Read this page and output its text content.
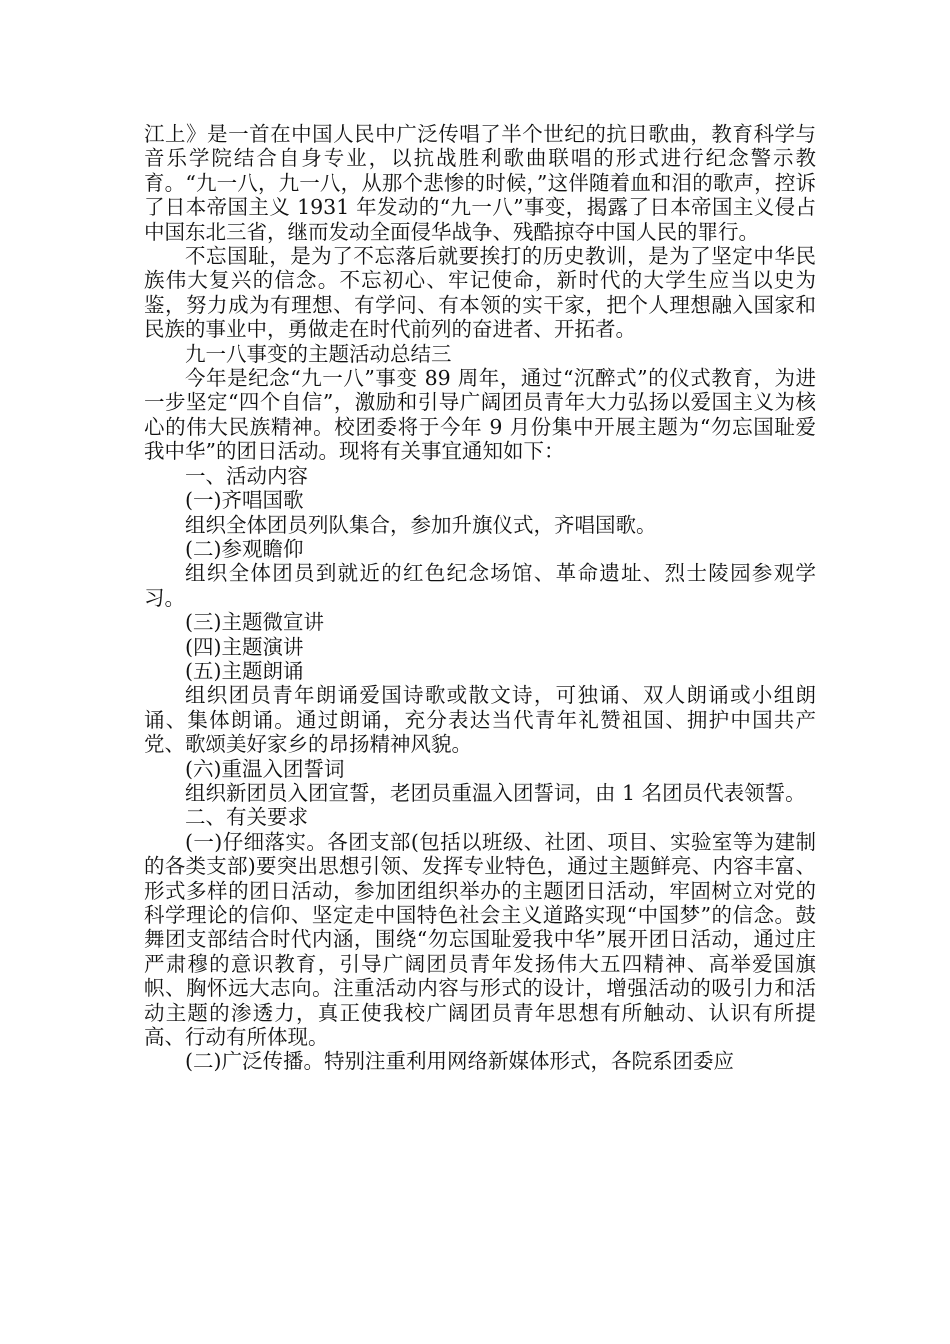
江上》是一首在中国人民中广泛传唱了半个世纪的抗日歌曲，教育科学与音乐学院结合自身专业，以抗战胜利歌曲联唱的形式进行纪念警示教育。“九一八，九一八，从那个悲惨的时候，”这伴随着血和泪的歌声，控诉了日本帝国主义 1931 年发动的“九一八”事变，揭露了日本帝国主义侵占中国东北三省，继而发动全面侵华战争、残酷掠夺中国人民的罪行。

不忘国耻，是为了不忘落后就要挨打的历史教训，是为了坚定中华民族伟大复兴的信念。不忘初心、牢记使命，新时代的大学生应当以史为鉴，努力成为有理想、有学问、有本领的实干家，把个人理想融入国家和民族的事业中，勇做走在时代前列的奋进者、开拓者。

九一八事变的主题活动总结三

今年是纪念“九一八”事变 89 周年，通过“沉醉式”的仪式教育，为进一步坚定“四个自信”，激励和引导广阔团员青年大力弘扬以爱国主义为核心的伟大民族精神。校团委将于今年 9 月份集中开展主题为“勿忘国耻爱我中华”的团日活动。现将有关事宜通知如下：

一、活动内容

(一)齐唱国歌

组织全体团员列队集合，参加升旗仪式，齐唱国歌。

(二)参观瞻仰

组织全体团员到就近的红色纪念场馆、革命遗址、烈士陵园参观学习。

(三)主题微宣讲

(四)主题演讲

(五)主题朗诵

组织团员青年朗诵爱国诗歌或散文诗，可独诵、双人朗诵或小组朗诵、集体朗诵。通过朗诵，充分表达当代青年礼赞祖国、拥护中国共产党、歌颂美好家乡的昂扬精神风貌。

(六)重温入团誓词

组织新团员入团宣誓，老团员重温入团誓词，由 1 名团员代表领誓。

二、有关要求

(一)仔细落实。各团支部(包括以班级、社团、项目、实验室等为建制的各类支部)要突出思想引领、发挥专业特色，通过主题鲜亮、内容丰富、形式多样的团日活动，参加团组织举办的主题团日活动，牢固树立对党的科学理论的信仰、坚定走中国特色社会主义道路实现“中国梦”的信念。鼓舞团支部结合时代内涵，围绕“勿忘国耻爱我中华”展开团日活动，通过庄严肃穆的意识教育，引导广阔团员青年发扬伟大五四精神、高举爱国旗帜、胸怀远大志向。注重活动内容与形式的设计，增强活动的吸引力和活动主题的渗透力，真正使我校广阔团员青年思想有所触动、认识有所提高、行动有所体现。

(二)广泛传播。特别注重利用网络新媒体形式，各院系团委应
